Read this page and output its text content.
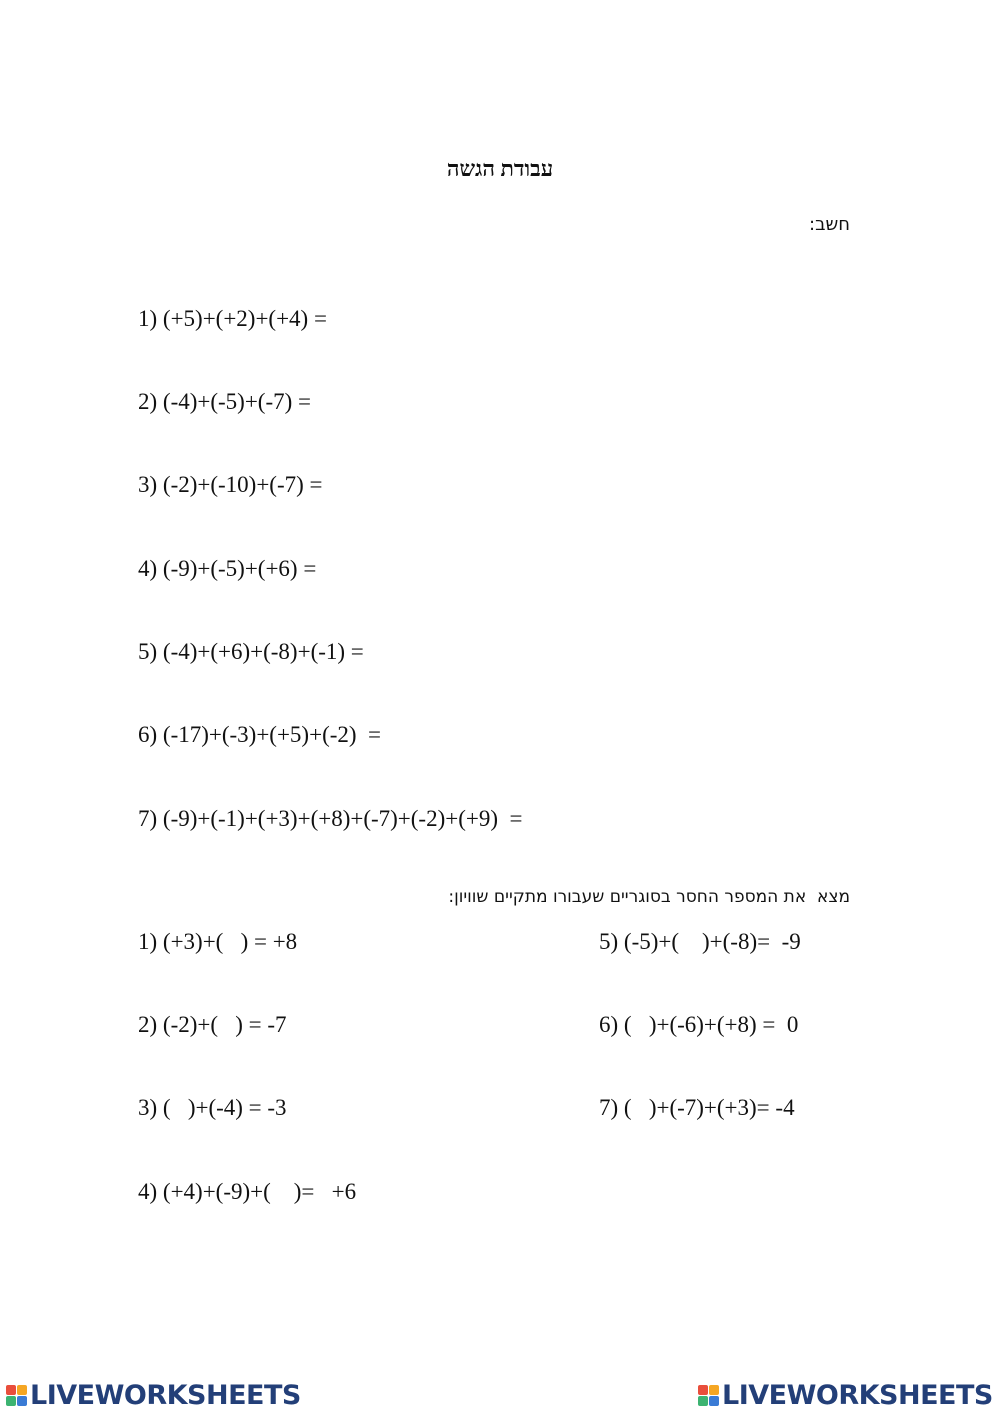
עבודת הגשה
חשב:
1) (+5)+(+2)+(+4) =
2) (-4)+(-5)+(-7) =
3) (-2)+(-10)+(-7) =
4) (-9)+(-5)+(+6) =
5) (-4)+(+6)+(-8)+(-1) =
6) (-17)+(-3)+(+5)+(-2)  =
7) (-9)+(-1)+(+3)+(+8)+(-7)+(-2)+(+9)  =
מצא  את המספר החסר בסוגריים שעבורו מתקיים שוויון:
1) (+3)+(   ) = +8
2) (-2)+(   ) = -7
3) (   )+(-4) = -3
4) (+4)+(-9)+(    )=   +6
5) (-5)+(    )+(-8)=  -9
6) (   )+(-6)+(+8) =  0
7) (   )+(-7)+(+3)= -4
LIVEWORKSHEETS	LIVEWORKSHEETS
